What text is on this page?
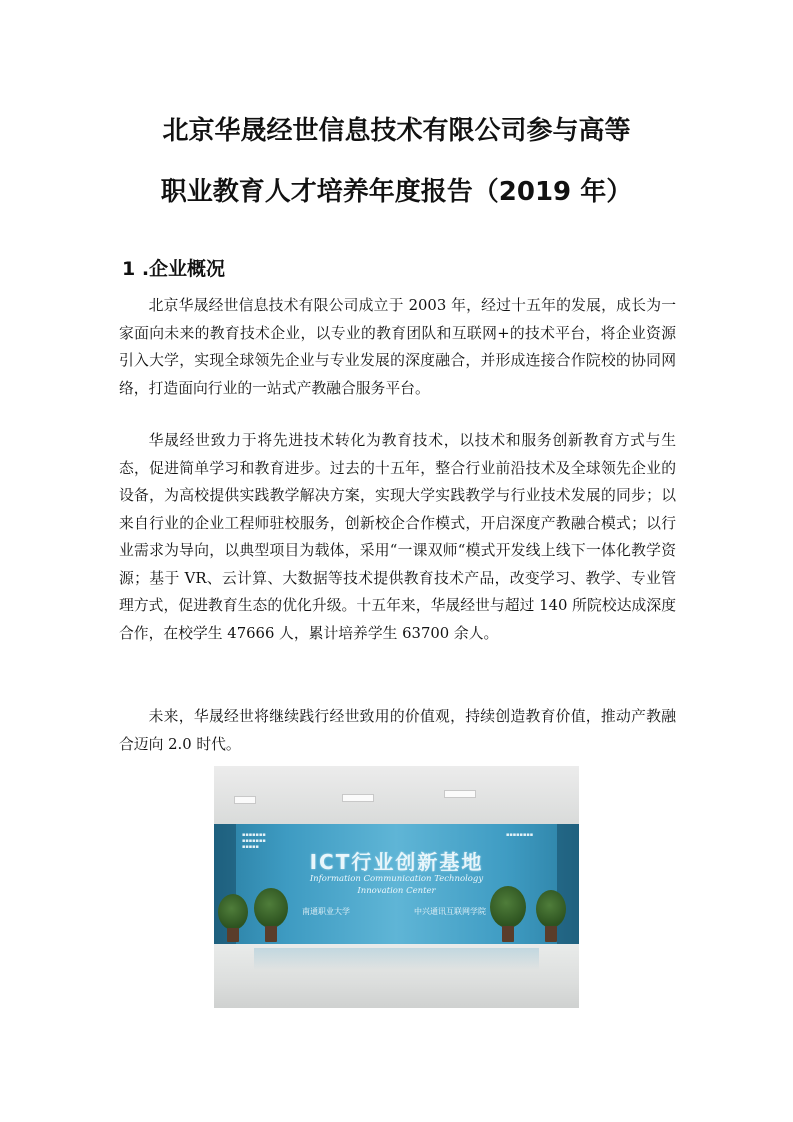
北京华晟经世信息技术有限公司参与高等
职业教育人才培养年度报告（2019 年）
1 .企业概况

北京华晟经世信息技术有限公司成立于 2003 年，经过十五年的发展，成长为一家面向未来的教育技术企业，以专业的教育团队和互联网+的技术平台，将企业资源引入大学，实现全球领先企业与专业发展的深度融合，并形成连接合作院校的协同网络，打造面向行业的一站式产教融合服务平台。

华晟经世致力于将先进技术转化为教育技术，以技术和服务创新教育方式与生态，促进简单学习和教育进步。过去的十五年，整合行业前沿技术及全球领先企业的设备，为高校提供实践教学解决方案，实现大学实践教学与行业技术发展的同步；以来自行业的企业工程师驻校服务，创新校企合作模式，开启深度产教融合模式；以行业需求为导向，以典型项目为载体，采用“一课双师“模式开发线上线下一体化教学资源；基于 VR、云计算、大数据等技术提供教育技术产品，改变学习、教学、专业管理方式，促进教育生态的优化升级。十五年来，华晟经世与超过 140 所院校达成深度合作，在校学生 47666 人，累计培养学生 63700 余人。

未来，华晟经世将继续践行经世致用的价值观，持续创造教育价值，推动产教融合迈向 2.0 时代。

▪▪▪▪▪▪▪
▪▪▪▪▪▪▪
▪▪▪▪▪
▪▪▪▪▪▪▪▪
ICT行业创新基地
Information Communication Technology
Innovation Center
南通职业大学	中兴通讯互联网学院
